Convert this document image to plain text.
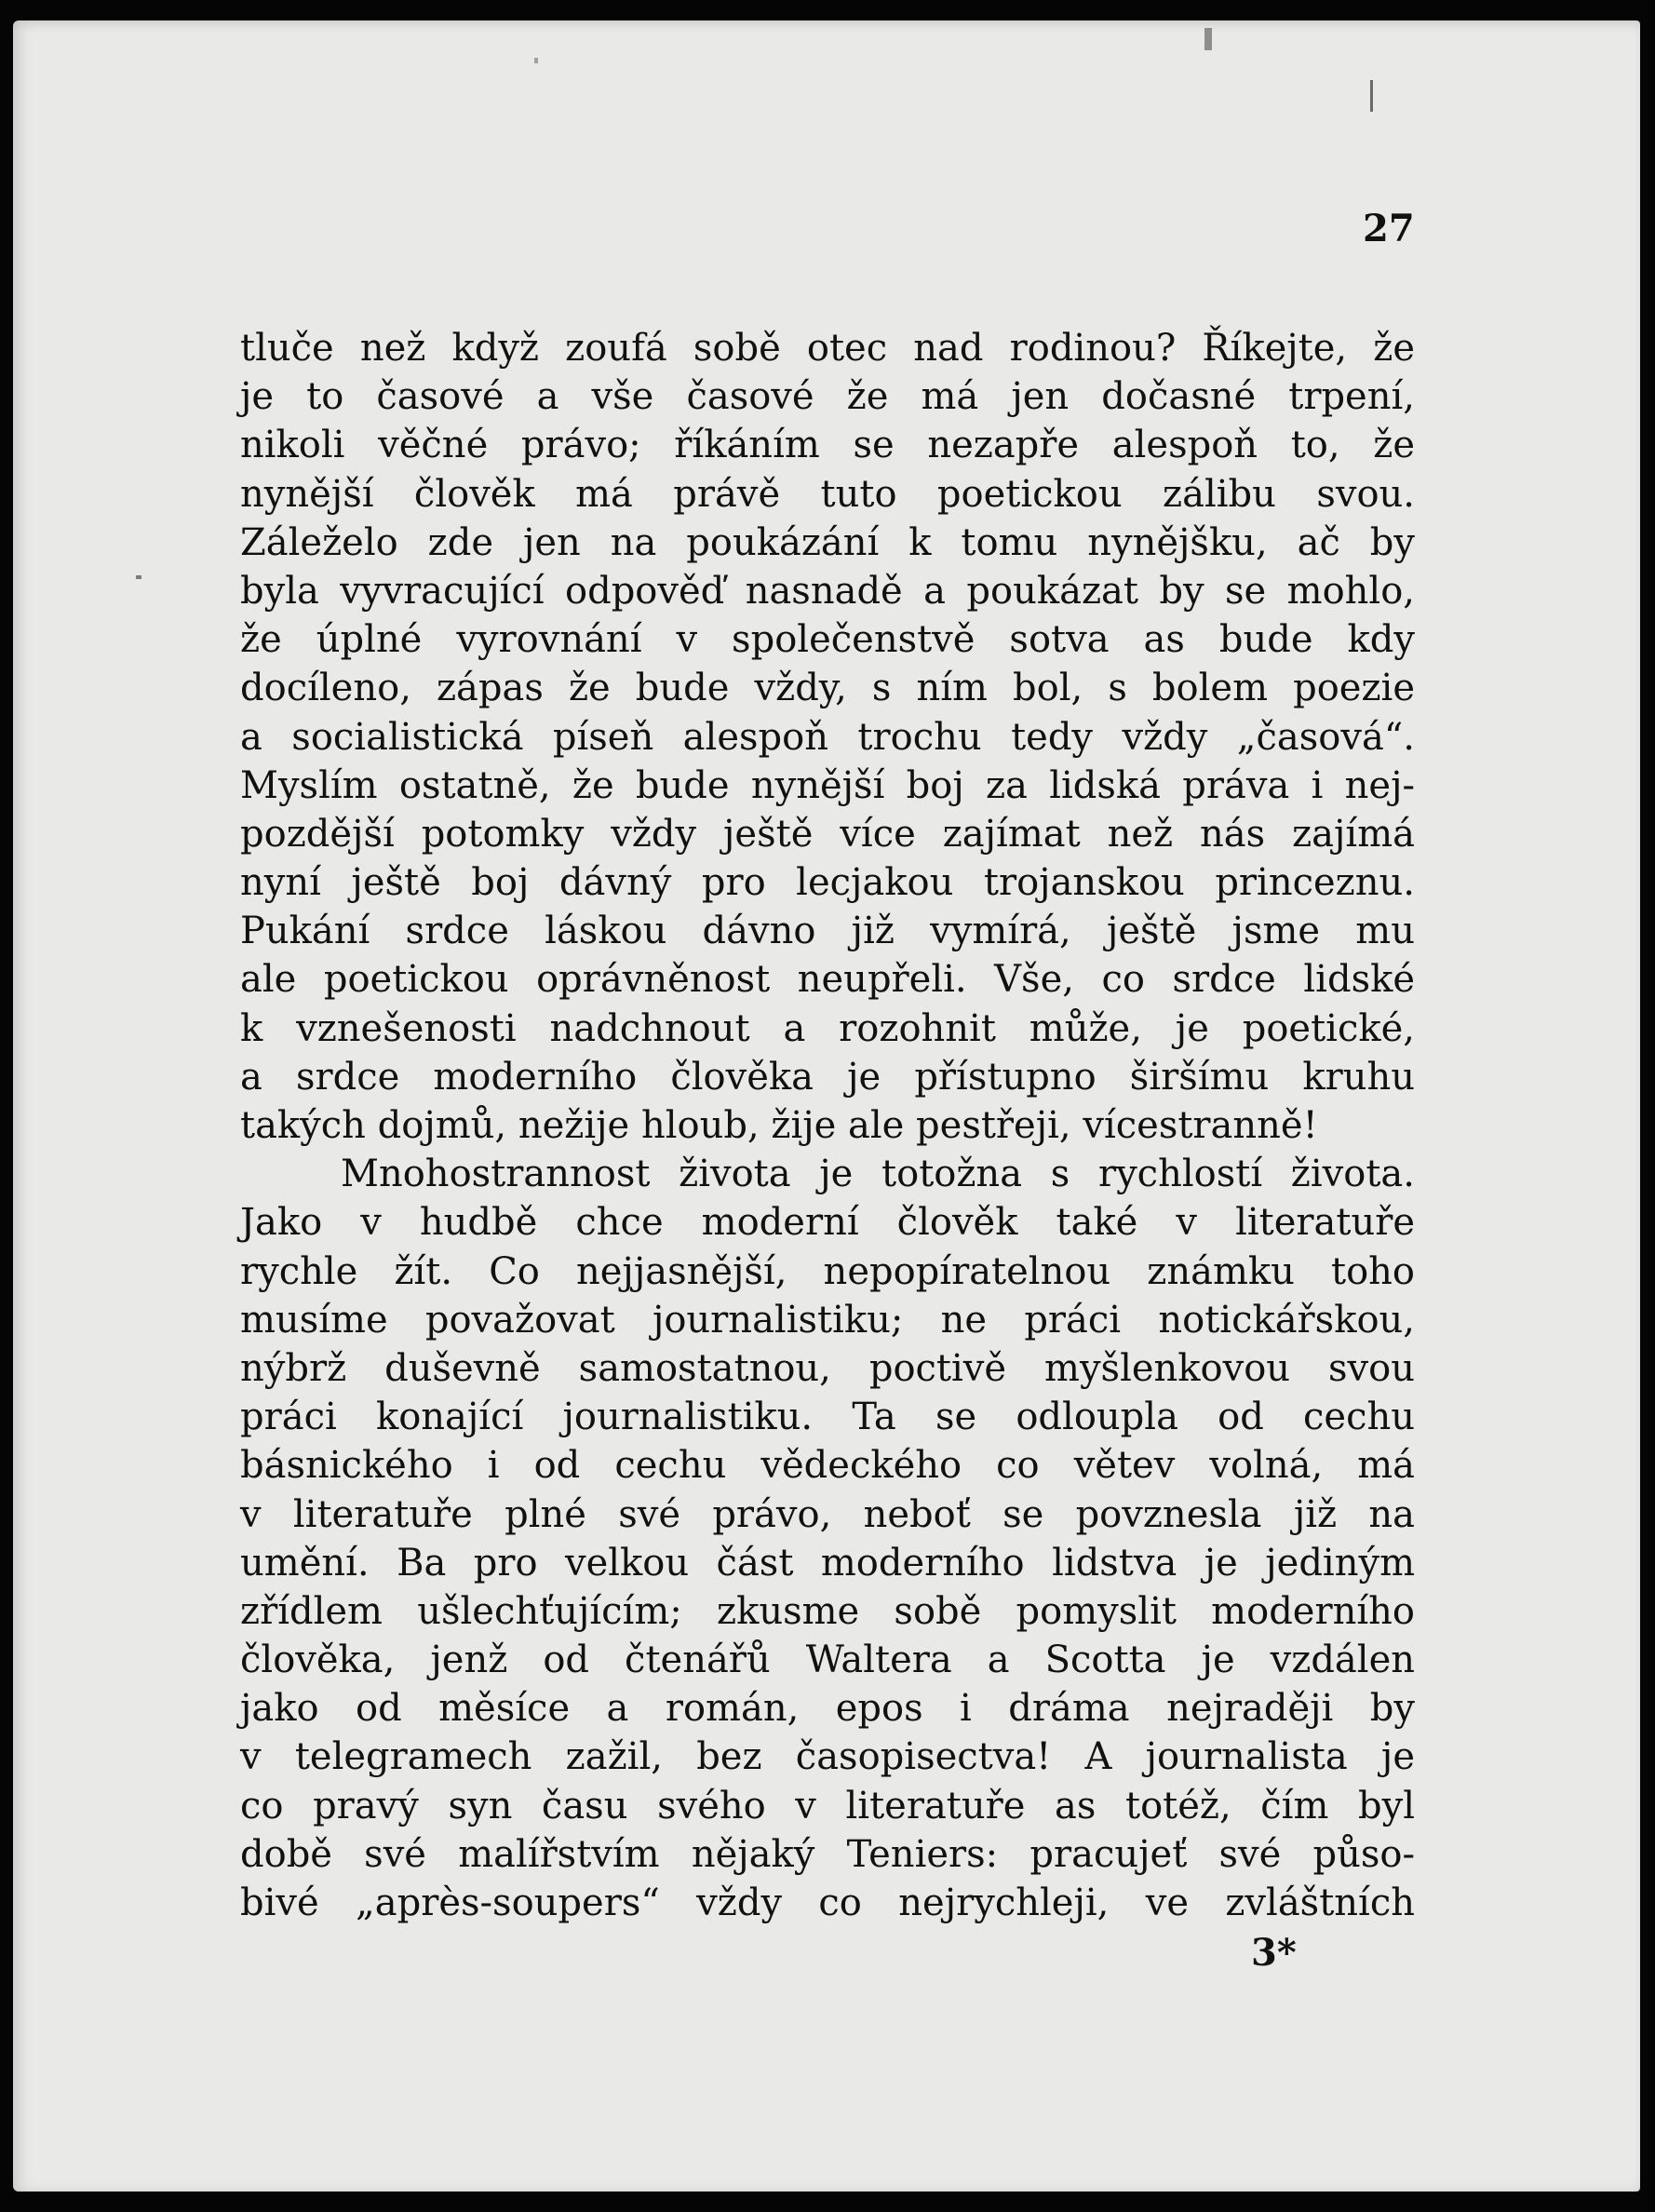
27
tluče než když zoufá sobě otec nad rodinou? Říkejte, že
je to časové a vše časové že má jen dočasné trpení,
nikoli věčné právo; říkáním se nezapře alespoň to, že
nynější člověk má právě tuto poetickou zálibu svou.
Záleželo zde jen na poukázání k tomu nynějšku, ač by
byla vyvracující odpověď nasnadě a poukázat by se mohlo,
že úplné vyrovnání v společenstvě sotva as bude kdy
docíleno, zápas že bude vždy, s ním bol, s bolem poezie
a socialistická píseň alespoň trochu tedy vždy „časová“.
Myslím ostatně, že bude nynější boj za lidská práva i nej-
pozdější potomky vždy ještě více zajímat než nás zajímá
nyní ještě boj dávný pro lecjakou trojanskou princeznu.
Pukání srdce láskou dávno již vymírá, ještě jsme mu
ale poetickou oprávněnost neupřeli. Vše, co srdce lidské
k vznešenosti nadchnout a rozohnit může, je poetické,
a srdce moderního člověka je přístupno širšímu kruhu
takých dojmů, nežije hloub, žije ale pestřeji, vícestranně!
Mnohostrannost života je totožna s rychlostí života.
Jako v hudbě chce moderní člověk také v literatuře
rychle žít. Co nejjasnější, nepopíratelnou známku toho
musíme považovat journalistiku; ne práci notickářskou,
nýbrž duševně samostatnou, poctivě myšlenkovou svou
práci konající journalistiku. Ta se odloupla od cechu
básnického i od cechu vědeckého co větev volná, má
v literatuře plné své právo, neboť se povznesla již na
umění. Ba pro velkou část moderního lidstva je jediným
zřídlem ušlechťujícím; zkusme sobě pomyslit moderního
člověka, jenž od čtenářů Waltera a Scotta je vzdálen
jako od měsíce a román, epos i dráma nejraději by
v telegramech zažil, bez časopisectva! A journalista je
co pravý syn času svého v literatuře as totéž, čím byl
době své malířstvím nějaký Teniers: pracujeť své půso-
bivé „après-soupers“ vždy co nejrychleji, ve zvláštních
3*
